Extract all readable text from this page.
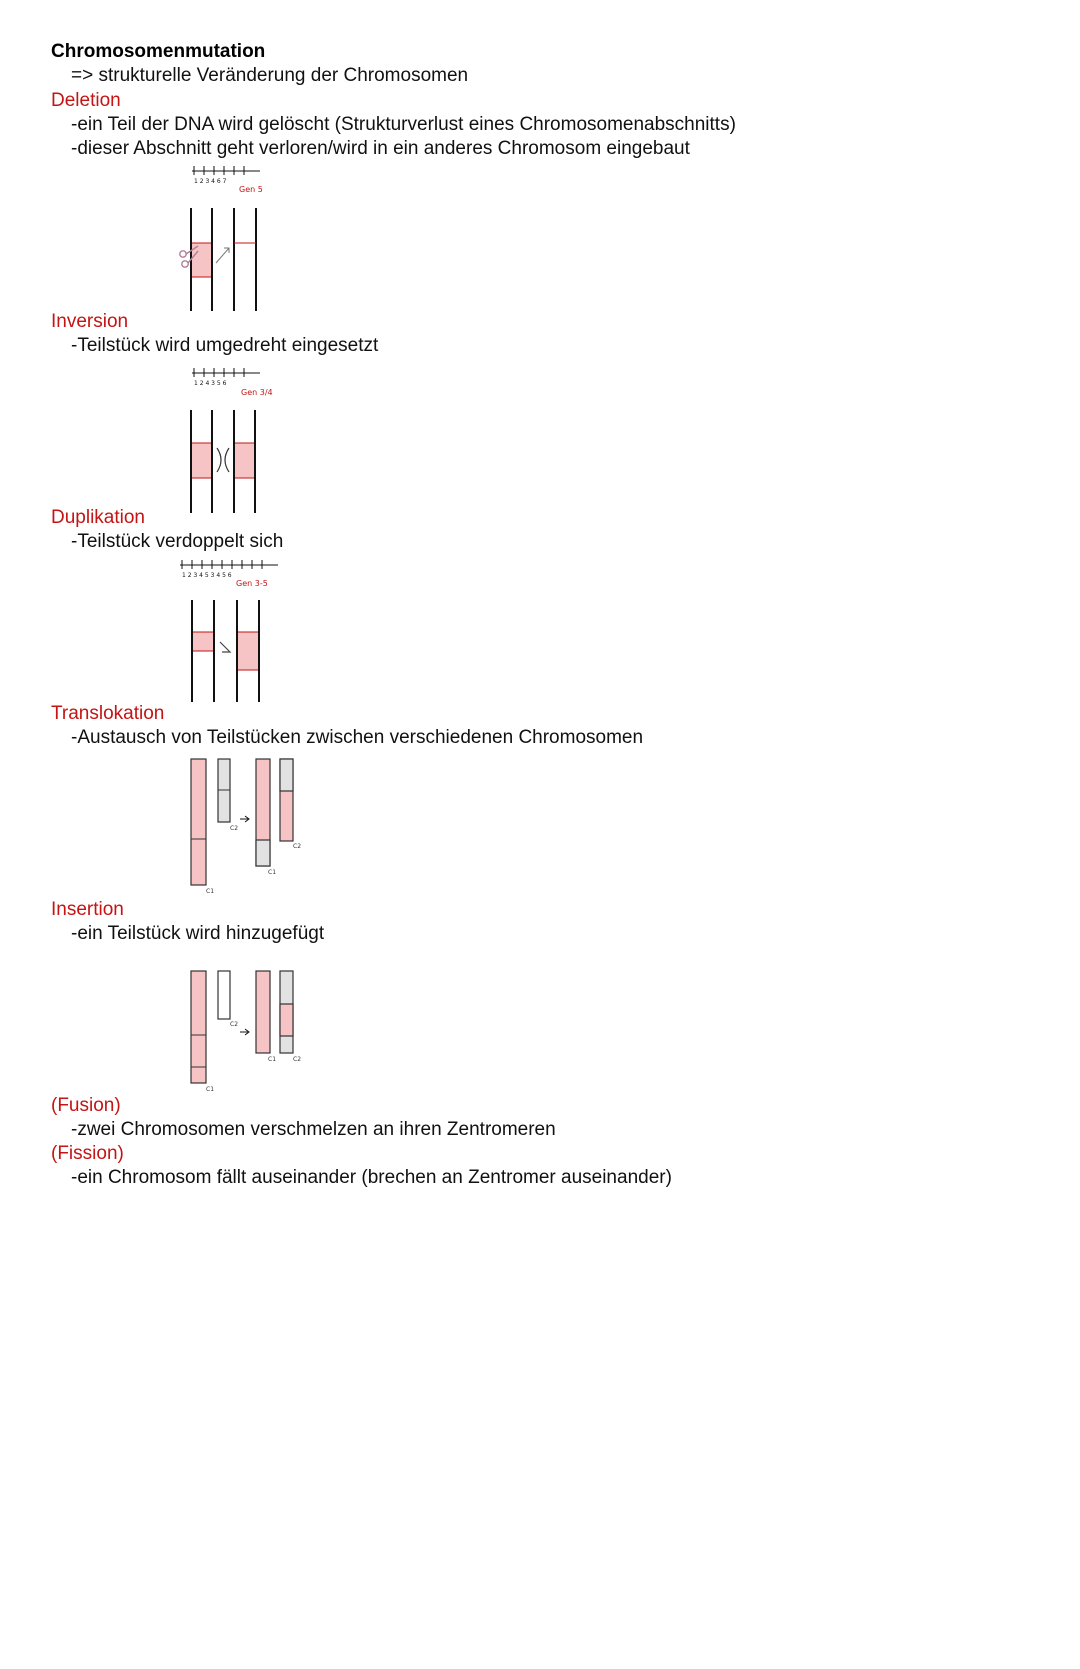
Chromosomenmutation

=> strukturelle Veränderung der Chromosomen

Deletion

-ein Teil der DNA wird gelöscht (Strukturverlust eines Chromosomenabschnitts)

-dieser Abschnitt geht verloren/wird in ein anderes Chromosom eingebaut

1 2 3 4 6 7
Gen 5

Inversion

-Teilstück wird umgedreht eingesetzt

1 2 4 3 5 6
Gen 3/4

Duplikation

-Teilstück verdoppelt sich

1 2 3 4 5 3 4 5 6
Gen 3-5

Translokation

-Austausch von Teilstücken zwischen verschiedenen Chromosomen

C1
C2
C1
C2

Insertion

-ein Teilstück wird hinzugefügt

C1
C2
C1	C2

(Fusion)

-zwei Chromosomen verschmelzen an ihren Zentromeren

(Fission)

-ein Chromosom fällt auseinander (brechen an Zentromer auseinander)
